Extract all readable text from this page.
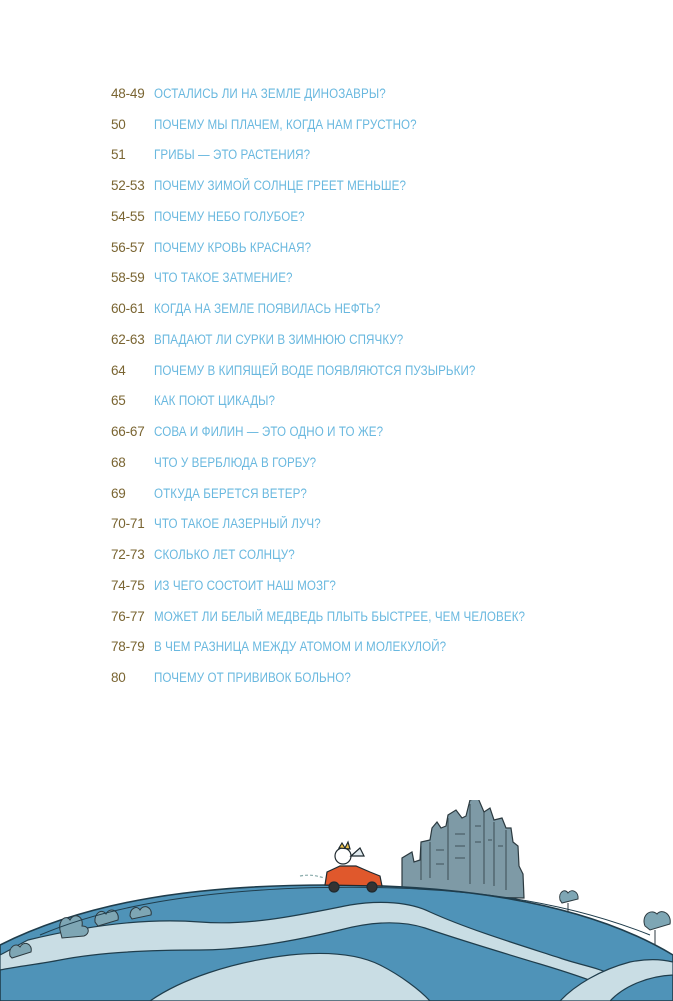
48-49 ОСТАЛИСЬ ЛИ НА ЗЕМЛЕ ДИНОЗАВРЫ?
50	ПОЧЕМУ МЫ ПЛАЧЕМ, КОГДА НАМ ГРУСТНО?
51	ГРИБЫ — ЭТО РАСТЕНИЯ?
52-53 ПОЧЕМУ ЗИМОЙ СОЛНЦЕ ГРЕЕТ МЕНЬШЕ?
54-55 ПОЧЕМУ НЕБО ГОЛУБОЕ?
56-57 ПОЧЕМУ КРОВЬ КРАСНАЯ?
58-59 ЧТО ТАКОЕ ЗАТМЕНИЕ?
60-61 КОГДА НА ЗЕМЛЕ ПОЯВИЛАСЬ НЕФТЬ?
62-63 ВПАДАЮТ ЛИ СУРКИ В ЗИМНЮЮ СПЯЧКУ?
64	ПОЧЕМУ В КИПЯЩЕЙ ВОДЕ ПОЯВЛЯЮТСЯ ПУЗЫРЬКИ?
65	КАК ПОЮТ ЦИКАДЫ?
66-67 СОВА И ФИЛИН — ЭТО ОДНО И ТО ЖЕ?
68	ЧТО У ВЕРБЛЮДА В ГОРБУ?
69	ОТКУДА БЕРЕТСЯ ВЕТЕР?
70-71 ЧТО ТАКОЕ ЛАЗЕРНЫЙ ЛУЧ?
72-73 СКОЛЬКО ЛЕТ СОЛНЦУ?
74-75 ИЗ ЧЕГО СОСТОИТ НАШ МОЗГ?
76-77 МОЖЕТ ЛИ БЕЛЫЙ МЕДВЕДЬ ПЛЫТЬ БЫСТРЕЕ, ЧЕМ ЧЕЛОВЕК?
78-79 В ЧЕМ РАЗНИЦА МЕЖДУ АТОМОМ И МОЛЕКУЛОЙ?
80	ПОЧЕМУ ОТ ПРИВИВОК БОЛЬНО?
